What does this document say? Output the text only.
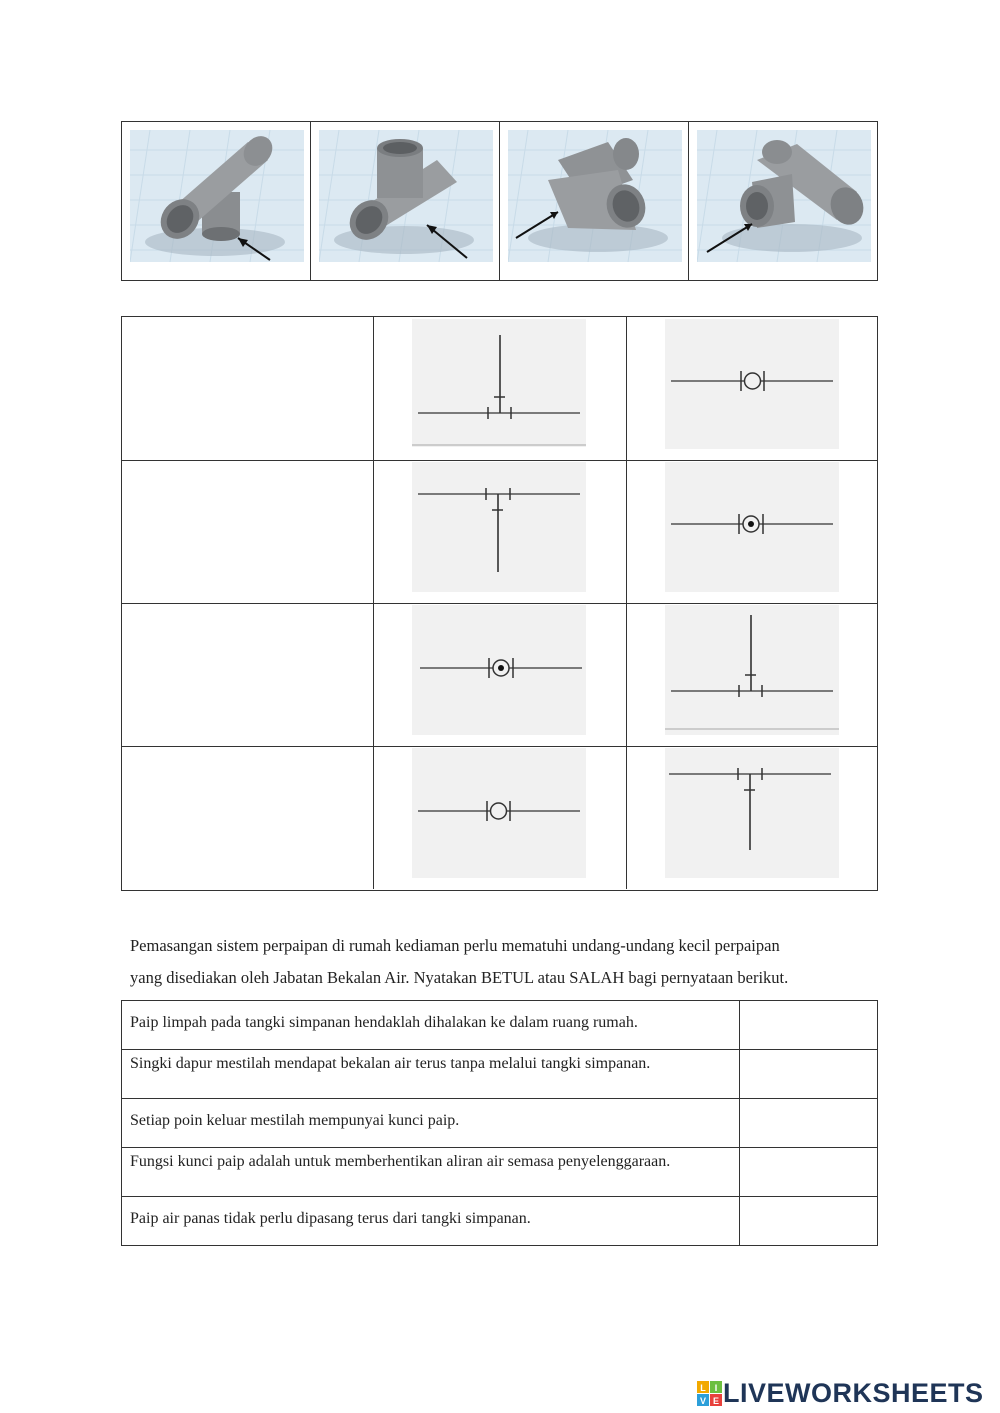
Pemasangan sistem perpaipan di rumah kediaman perlu mematuhi undang-undang kecil perpaipan

yang disediakan oleh Jabatan Bekalan Air. Nyatakan BETUL atau SALAH bagi pernyataan berikut.

Paip limpah pada tangki simpanan hendaklah dihalakan ke dalam ruang rumah.
Singki dapur mestilah mendapat bekalan air terus tanpa melalui tangki simpanan.
Setiap poin keluar mestilah mempunyai kunci paip.
Fungsi kunci paip adalah untuk memberhentikan aliran air semasa penyelenggaraan.
Paip air panas tidak perlu dipasang terus dari tangki simpanan.
L I
V E LIVEWORKSHEETS
